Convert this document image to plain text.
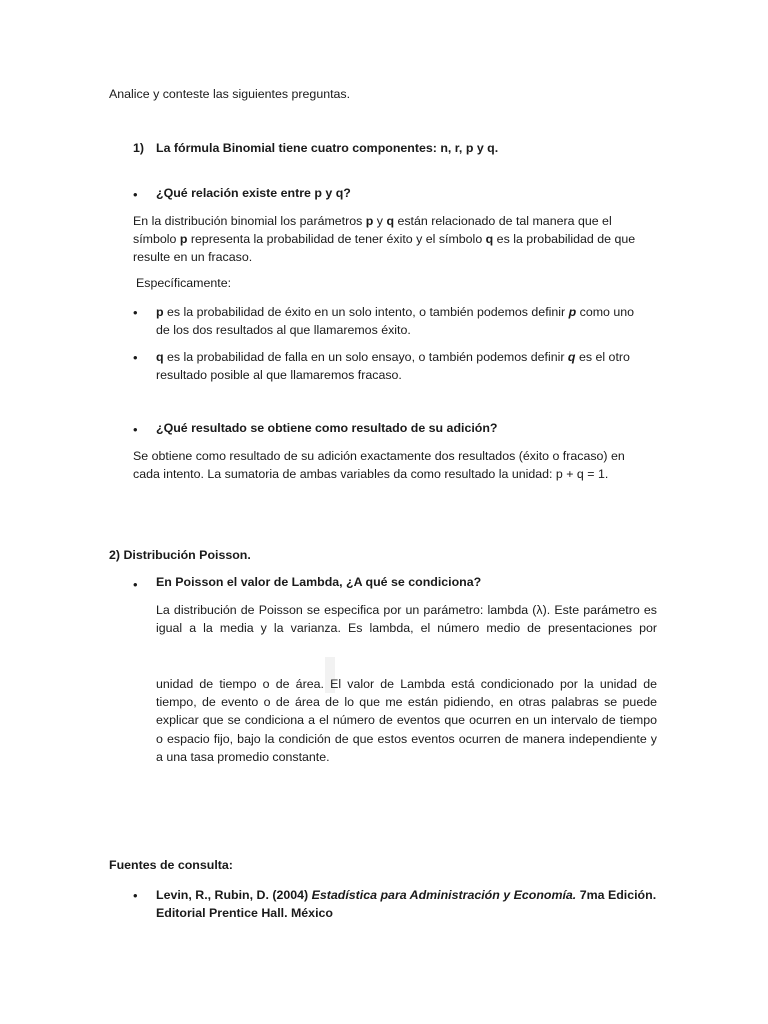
Analice y conteste las siguientes preguntas.

1) La fórmula Binomial tiene cuatro componentes: n, r, p y q.

• ¿Qué relación existe entre p y q?

En la distribución binomial los parámetros p y q están relacionado de tal manera que el símbolo p representa la probabilidad de tener éxito y el símbolo q es la probabilidad de que resulte en un fracaso.

Específicamente:

• p es la probabilidad de éxito en un solo intento, o también podemos definir p como uno de los dos resultados al que llamaremos éxito.

• q es la probabilidad de falla en un solo ensayo, o también podemos definir q es el otro resultado posible al que llamaremos fracaso.

• ¿Qué resultado se obtiene como resultado de su adición?

Se obtiene como resultado de su adición exactamente dos resultados (éxito o fracaso) en cada intento. La sumatoria de ambas variables da como resultado la unidad: p + q = 1.

2) Distribución Poisson.

• En Poisson el valor de Lambda, ¿A qué se condiciona?

La distribución de Poisson se especifica por un parámetro: lambda (λ). Este parámetro es igual a la media y la varianza. Es lambda, el número medio de presentaciones por

unidad de tiempo o de área. El valor de Lambda está condicionado por la unidad de tiempo, de evento o de área de lo que me están pidiendo, en otras palabras se puede explicar que se condiciona a el número de eventos que ocurren en un intervalo de tiempo o espacio fijo, bajo la condición de que estos eventos ocurren de manera independiente y a una tasa promedio constante.

Fuentes de consulta:

• Levin, R., Rubin, D. (2004) Estadística para Administración y Economía. 7ma Edición. Editorial Prentice Hall. México
